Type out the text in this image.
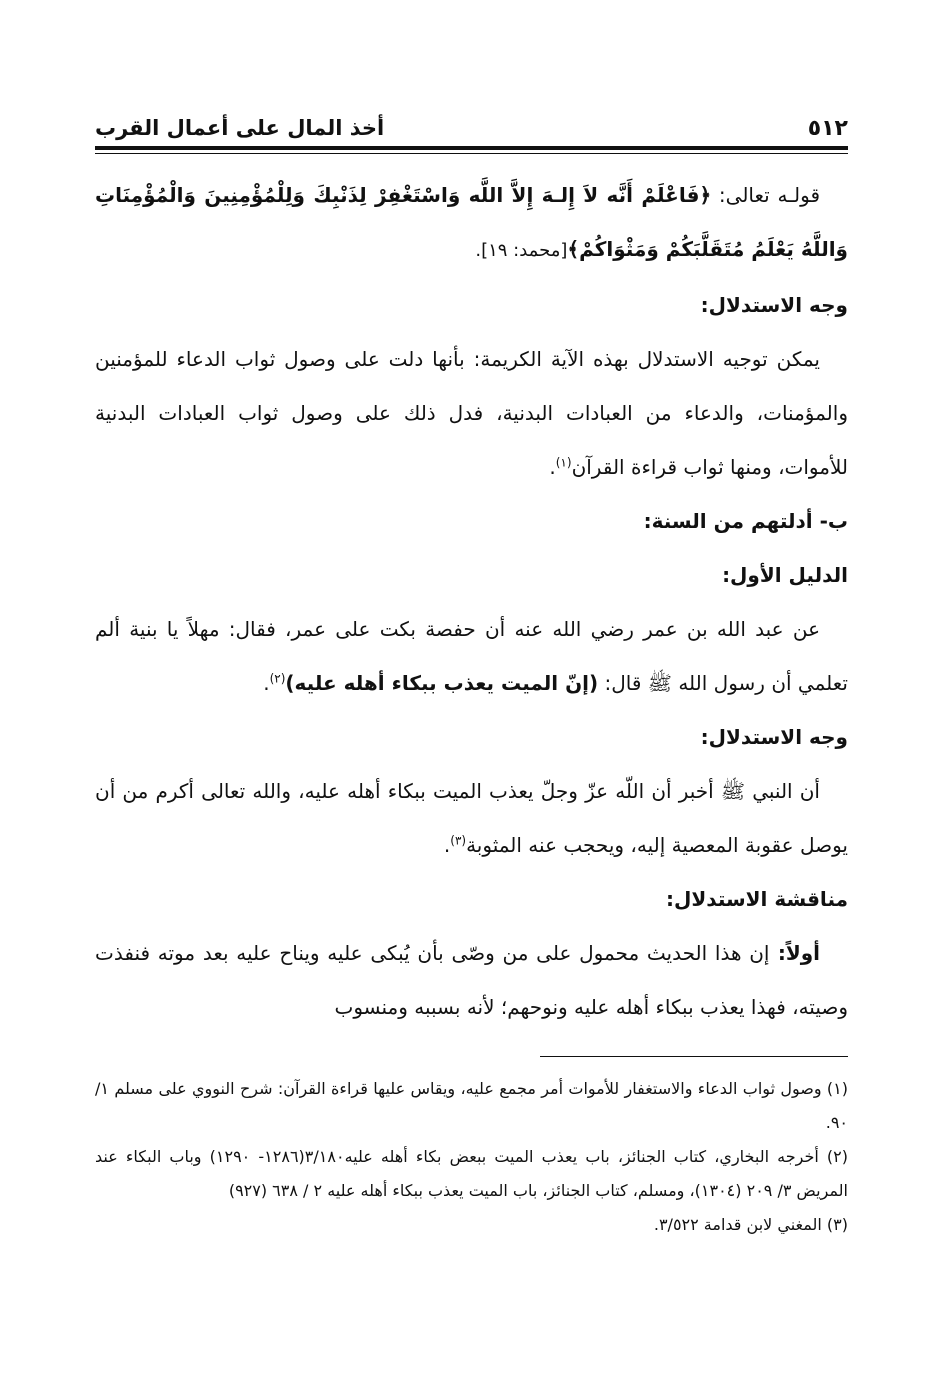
٥١٢
أخذ المال على أعمال القرب

قولـه تعالى: ﴿فَاعْلَمْ أَنَّه لاَ إِلـهَ إِلاَّ اللَّه وَاسْتَغْفِرْ لِذَنْبِكَ وَلِلْمُؤْمِنِينَ وَالْمُؤْمِنَاتِ وَاللَّهُ يَعْلَمُ مُتَقَلَّبَكُمْ وَمَثْوَاكُمْ﴾[محمد: ١٩].

وجه الاستدلال:

يمكن توجيه الاستدلال بهذه الآية الكريمة: بأنها دلت على وصول ثواب الدعاء للمؤمنين والمؤمنات، والدعاء من العبادات البدنية، فدل ذلك على وصول ثواب العبادات البدنية للأموات، ومنها ثواب قراءة القرآن$^{(١)}$.

ب- أدلتهم من السنة:

الدليل الأول:

عن عبد الله بن عمر رضي الله عنه أن حفصة بكت على عمر، فقال: مهلاً يا بنية ألم تعلمي أن رسول الله ﷺ قال: (إنّ الميت يعذب ببكاء أهله عليه)$^{(٢)}$.

وجه الاستدلال:

أن النبي ﷺ أخبر أن اللّه عزّ وجلّ يعذب الميت ببكاء أهله عليه، والله تعالى أكرم من أن يوصل عقوبة المعصية إليه، ويحجب عنه المثوبة$^{(٣)}$.

مناقشة الاستدلال:

أولاً: إن هذا الحديث محمول على من وصّى بأن يُبكى عليه ويناح عليه بعد موته فنفذت وصيته، فهذا يعذب ببكاء أهله عليه ونوحهم؛ لأنه بسببه ومنسوب

(١) وصول ثواب الدعاء والاستغفار للأموات أمر مجمع عليه، ويقاس عليها قراءة القرآن: شرح النووي على مسلم ١/ ٩٠.

(٢) أخرجه البخاري، كتاب الجنائز، باب يعذب الميت ببعض بكاء أهله عليه٣/١٨٠(١٢٨٦- ١٢٩٠) وباب البكاء عند المريض ٣/ ٢٠٩ (١٣٠٤)، ومسلم، كتاب الجنائز، باب الميت يعذب ببكاء أهله عليه ٢ / ٦٣٨ (٩٢٧)

(٣) المغني لابن قدامة ٣/٥٢٢.
